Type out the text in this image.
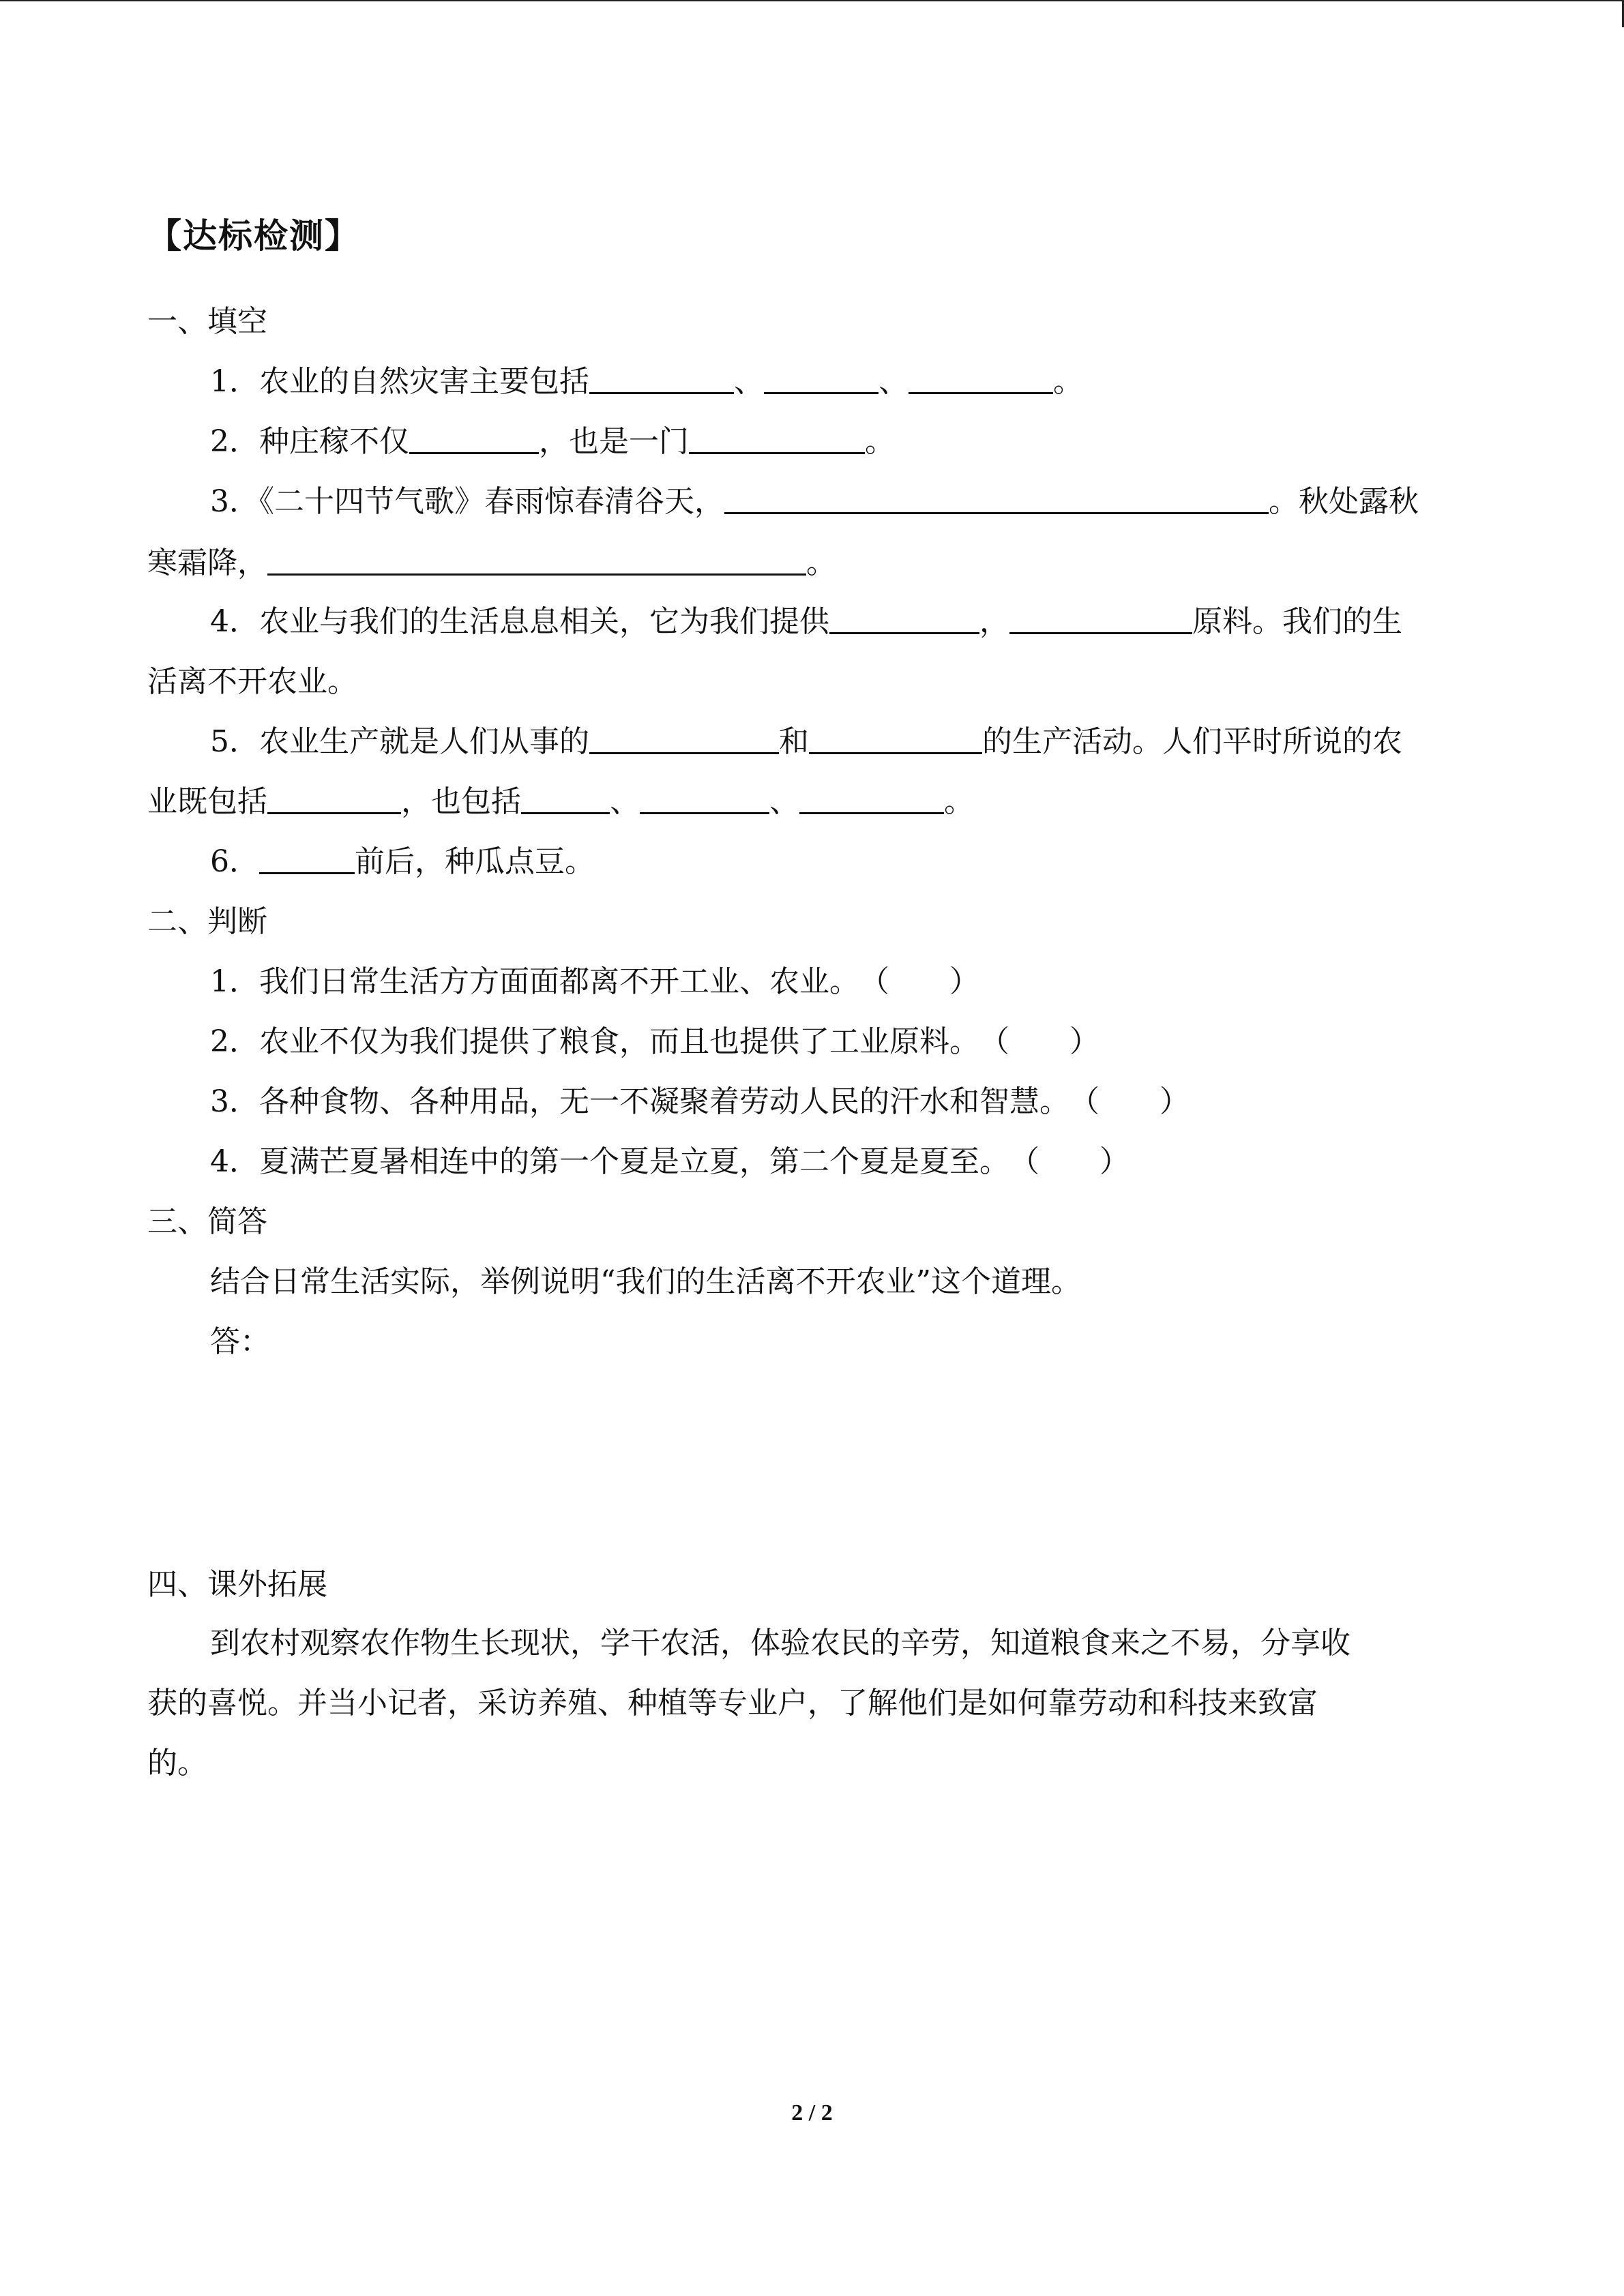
【达标检测】
一、填空
1．农业的自然灾害主要包括	、	、	。
2．种庄稼不仅	，也是一门	。
3．《二十四节气歌》春雨惊春清谷天，	。秋处露秋
寒霜降，	。
4．农业与我们的生活息息相关，它为我们提供	，	原料。我们的生
活离不开农业。
5．农业生产就是人们从事的	和	的生产活动。人们平时所说的农
业既包括	，也包括	、	、	。
6．	前后，种瓜点豆。
二、判断
1．我们日常生活方方面面都离不开工业、农业。（　　）
2．农业不仅为我们提供了粮食，而且也提供了工业原料。（　　）
3．各种食物、各种用品，无一不凝聚着劳动人民的汗水和智慧。（　　）
4．夏满芒夏暑相连中的第一个夏是立夏，第二个夏是夏至。（　　）
三、简答
结合日常生活实际，举例说明“我们的生活离不开农业”这个道理。
答：
四、课外拓展
到农村观察农作物生长现状，学干农活，体验农民的辛劳，知道粮食来之不易，分享收
获的喜悦。并当小记者，采访养殖、种植等专业户，了解他们是如何靠劳动和科技来致富
的。
2 / 2
